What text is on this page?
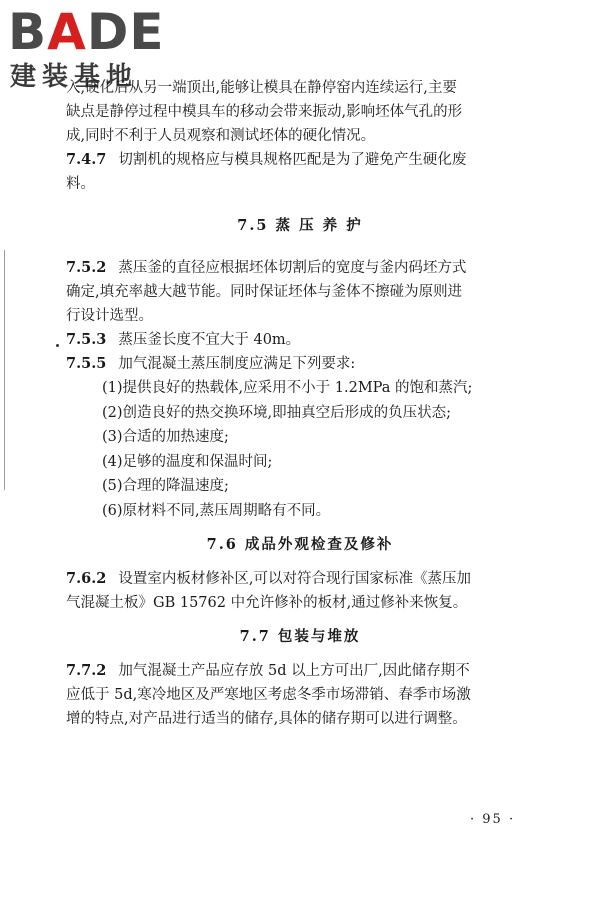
BADE
建装基地

入,硬化后从另一端顶出,能够让模具在静停窑内连续运行,主要

缺点是静停过程中模具车的移动会带来振动,影响坯体气孔的形

成,同时不利于人员观察和测试坯体的硬化情况。

7.4.7 切割机的规格应与模具规格匹配是为了避免产生硬化废

料。

7.5 蒸 压 养 护

7.5.2 蒸压釜的直径应根据坯体切割后的宽度与釜内码坯方式

确定,填充率越大越节能。同时保证坯体与釜体不擦碰为原则进

行设计选型。

7.5.3 蒸压釜长度不宜大于 40m。

7.5.5 加气混凝土蒸压制度应满足下列要求:

(1)提供良好的热载体,应采用不小于 1.2MPa 的饱和蒸汽;

(2)创造良好的热交换环境,即抽真空后形成的负压状态;

(3)合适的加热速度;

(4)足够的温度和保温时间;

(5)合理的降温速度;

(6)原材料不同,蒸压周期略有不同。

7.6 成品外观检查及修补

7.6.2 设置室内板材修补区,可以对符合现行国家标准《蒸压加

气混凝土板》GB 15762 中允许修补的板材,通过修补来恢复。

7.7 包装与堆放

7.7.2 加气混凝土产品应存放 5d 以上方可出厂,因此储存期不

应低于 5d,寒冷地区及严寒地区考虑冬季市场滞销、春季市场激

增的特点,对产品进行适当的储存,具体的储存期可以进行调整。

· 95 ·
